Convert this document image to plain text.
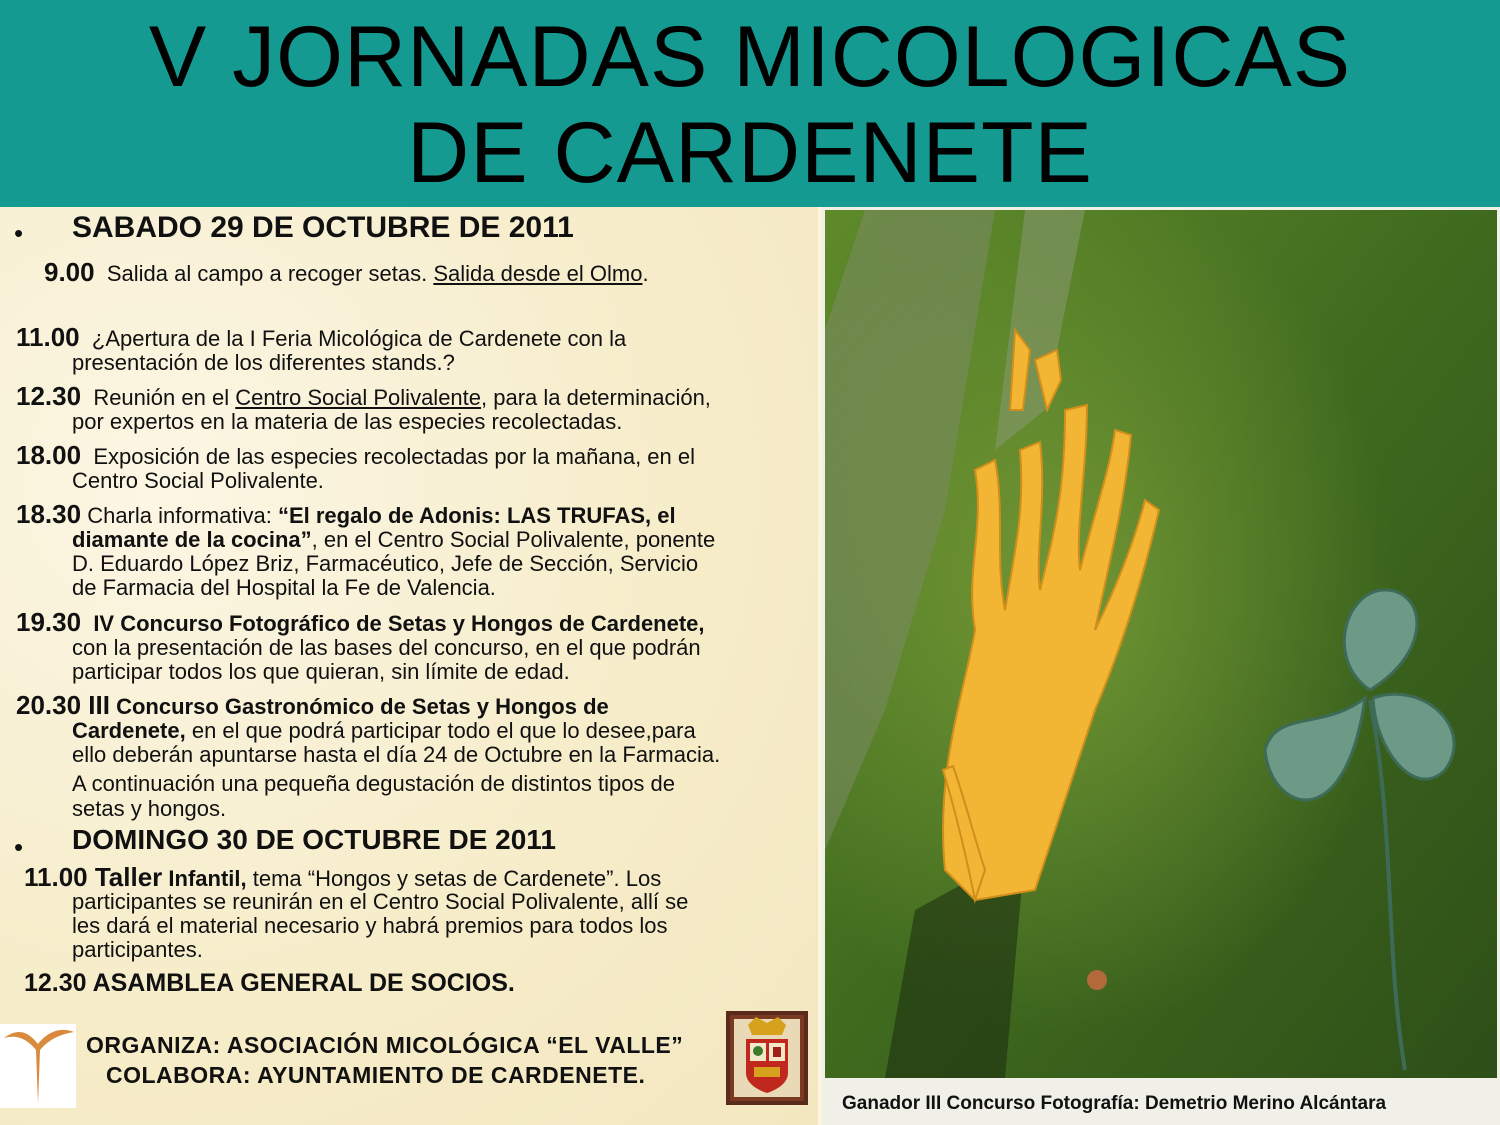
V JORNADAS MICOLOGICAS DE CARDENETE
• SABADO 29 DE OCTUBRE DE 2011
9.00 Salida al campo a recoger setas. Salida desde el Olmo.
11.00 ¿Apertura de la I Feria Micológica de Cardenete con la
presentación de los diferentes stands.?
12.30 Reunión en el Centro Social Polivalente, para la determinación,
por expertos en la materia de las especies recolectadas.
18.00 Exposición de las especies recolectadas por la mañana, en el
Centro Social Polivalente.
18.30 Charla informativa: “El regalo de Adonis: LAS TRUFAS, el
diamante de la cocina”, en el Centro Social Polivalente, ponente
D. Eduardo López Briz, Farmacéutico, Jefe de Sección, Servicio
de Farmacia del Hospital la Fe de Valencia.
19.30 IV Concurso Fotográfico de Setas y Hongos de Cardenete,
con la presentación de las bases del concurso, en el que podrán
participar todos los que quieran, sin límite de edad.
20.30 III Concurso Gastronómico de Setas y Hongos de
Cardenete, en el que podrá participar todo el que lo desee,para
ello deberán apuntarse hasta el día 24 de Octubre en la Farmacia.
A continuación una pequeña degustación de distintos tipos de
setas y hongos.
• DOMINGO 30 DE OCTUBRE DE 2011
11.00 Taller Infantil, tema “Hongos y setas de Cardenete”. Los
participantes se reunirán en el Centro Social Polivalente, allí se
les dará el material necesario y habrá premios para todos los
participantes.
12.30 ASAMBLEA GENERAL DE SOCIOS.
ORGANIZA: ASOCIACIÓN MICOLÓGICA “EL VALLE”
COLABORA: AYUNTAMIENTO DE CARDENETE.
Ganador III Concurso Fotografía: Demetrio Merino Alcántara
